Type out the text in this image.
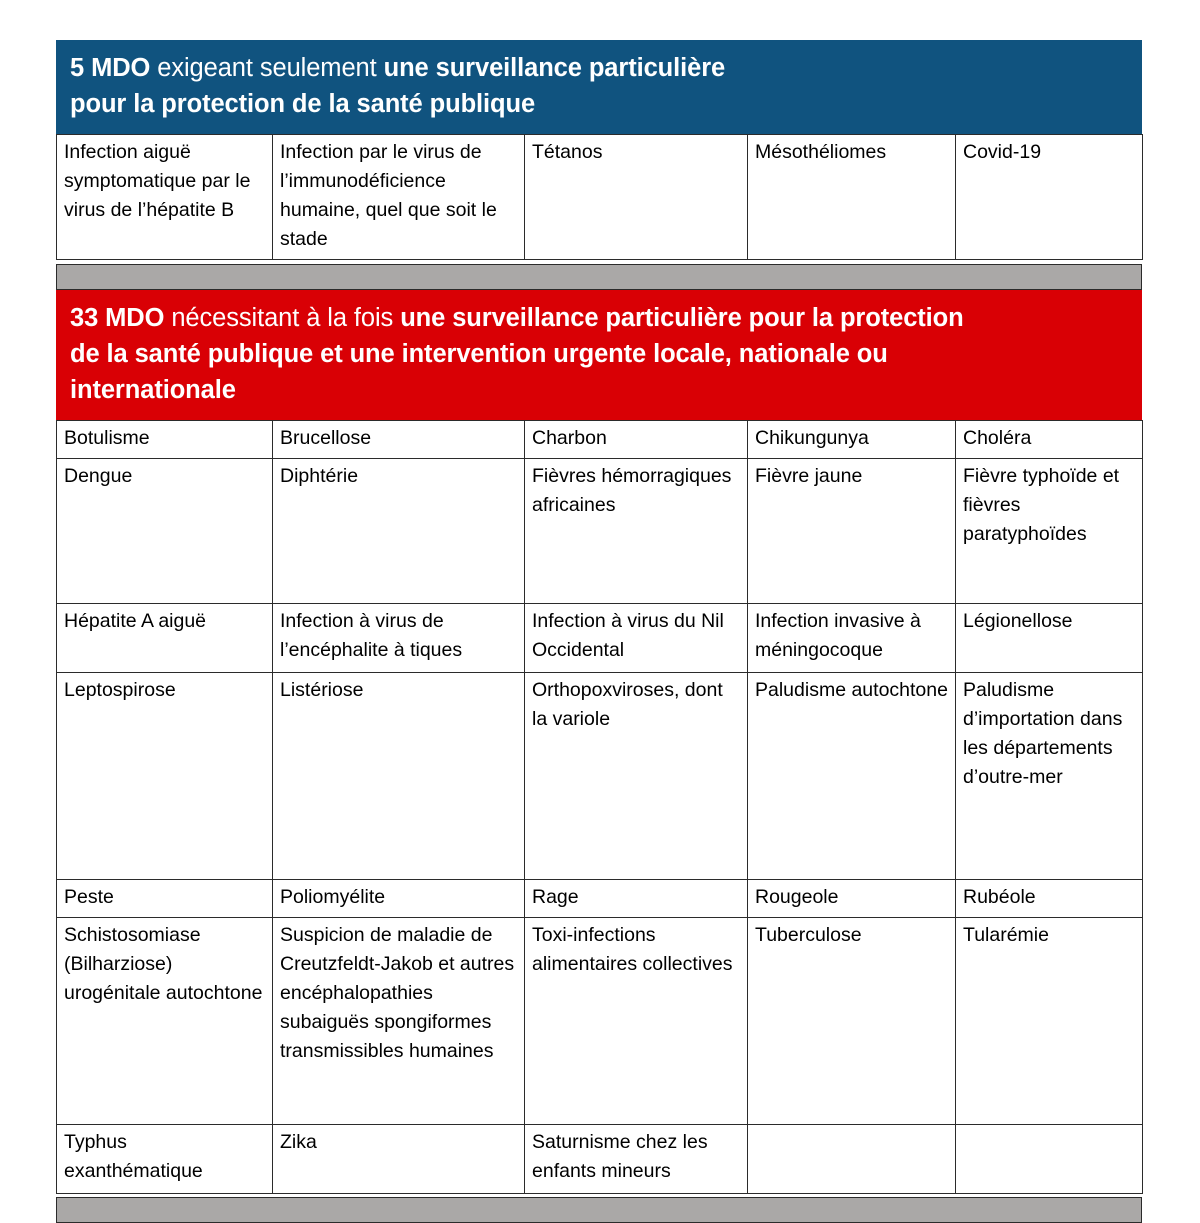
5 MDO exigeant seulement une surveillance particulière
pour la protection de la santé publique
Infection aiguë symptomatique par le virus de l’hépatite B	Infection par le virus de l’immunodéficience humaine, quel que soit le stade	Tétanos	Mésothéliomes	Covid-19
33 MDO nécessitant à la fois une surveillance particulière pour la protection
de la santé publique et une intervention urgente locale, nationale ou
internationale
Botulisme	Brucellose	Charbon	Chikungunya	Choléra
Dengue	Diphtérie	Fièvres hémorragiques africaines	Fièvre jaune	Fièvre typhoïde et fièvres paratyphoïdes
Hépatite A aiguë	Infection à virus de l’encéphalite à tiques	Infection à virus du Nil Occidental	Infection invasive à méningocoque	Légionellose
Leptospirose	Listériose	Orthopoxviroses, dont la variole	Paludisme autochtone	Paludisme d’importation dans les départements d’outre-mer
Peste	Poliomyélite	Rage	Rougeole	Rubéole
Schistosomiase (Bilharziose) urogénitale autochtone	Suspicion de maladie de Creutzfeldt-Jakob et autres encéphalopathies subaiguës spongiformes transmissibles humaines	Toxi-infections alimentaires collectives	Tuberculose	Tularémie
Typhus exanthématique	Zika	Saturnisme chez les enfants mineurs		
